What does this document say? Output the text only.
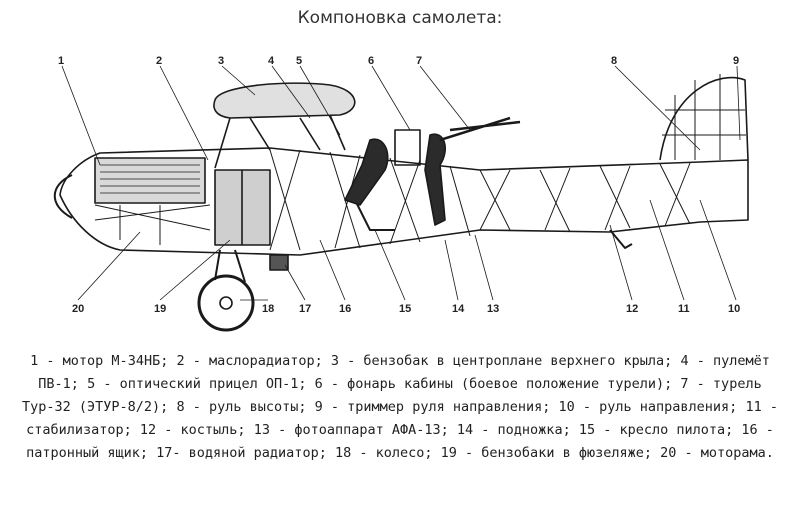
Компоновка самолета:
1	2	3	4 5	6	7	8	9
10
11
12
13
14
15
16
17
18
19
20
1 - мотор М-34НБ; 2 - маслорадиатор; 3 - бензобак в центроплане верхнего крыла; 4 - пулемёт ПВ-1; 5 - оптический прицел ОП-1; 6 - фонарь кабины (боевое положение турели); 7 - турель Тур-32 (ЭТУР-8/2); 8 - руль высоты; 9 - триммер руля направления; 10 - руль направления; 11 - стабилизатор; 12 - костыль; 13 - фотоаппарат АФА-13; 14 - подножка; 15 - кресло пилота; 16 - патронный ящик; 17- водяной радиатор; 18 - колесо; 19 - бензобаки в фюзеляже; 20 - моторама.
